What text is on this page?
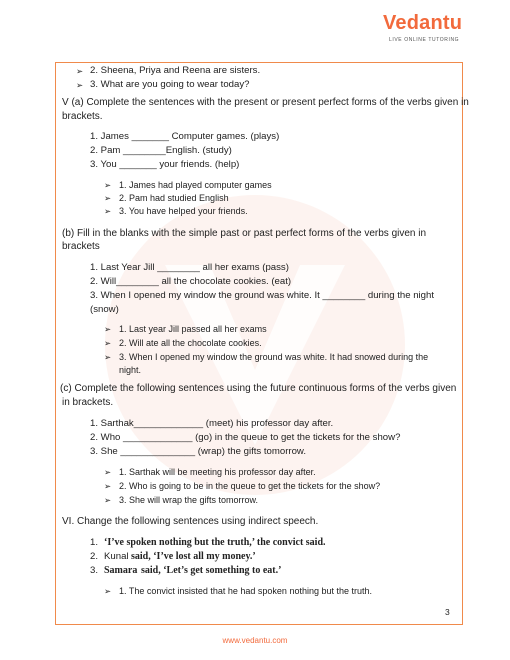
Vedantu
LIVE ONLINE TUTORING
➢ 2. Sheena, Priya and Reena are sisters.
➢ 3. What are you going to wear today?
V (a) Complete the sentences with the present or present perfect forms of the verbs given in
brackets.
1. James _______ Computer games. (plays)
2. Pam ________English. (study)
3. You _______ your friends. (help)
➢ 1. James had played computer games
➢ 2. Pam had studied English
➢ 3. You have helped your friends.
(b) Fill in the blanks with the simple past or past perfect forms of the verbs given in
brackets
1. Last Year Jill ________ all her exams (pass)
2. Will________ all the chocolate cookies. (eat)
3. When I opened my window the ground was white. It ________ during the night
(snow)
➢ 1. Last year Jill passed all her exams
➢ 2. Will ate all the chocolate cookies.
➢ 3. When I opened my window the ground was white. It had snowed during the
night.
(c) Complete the following sentences using the future continuous forms of the verbs given
in brackets.
1. Sarthak_____________ (meet) his professor day after.
2. Who _____________ (go) in the queue to get the tickets for the show?
3. She ______________ (wrap) the gifts tomorrow.
➢ 1. Sarthak will be meeting his professor day after.
➢ 2. Who is going to be in the queue to get the tickets for the show?
➢ 3. She will wrap the gifts tomorrow.
VI. Change the following sentences using indirect speech.
1. ‘I’ve spoken nothing but the truth,’ the convict said.
2. Kunal said, ‘I’ve lost all my money.’
3. Samara said, ‘Let’s get something to eat.’
➢ 1. The convict insisted that he had spoken nothing but the truth.
3
www.vedantu.com
